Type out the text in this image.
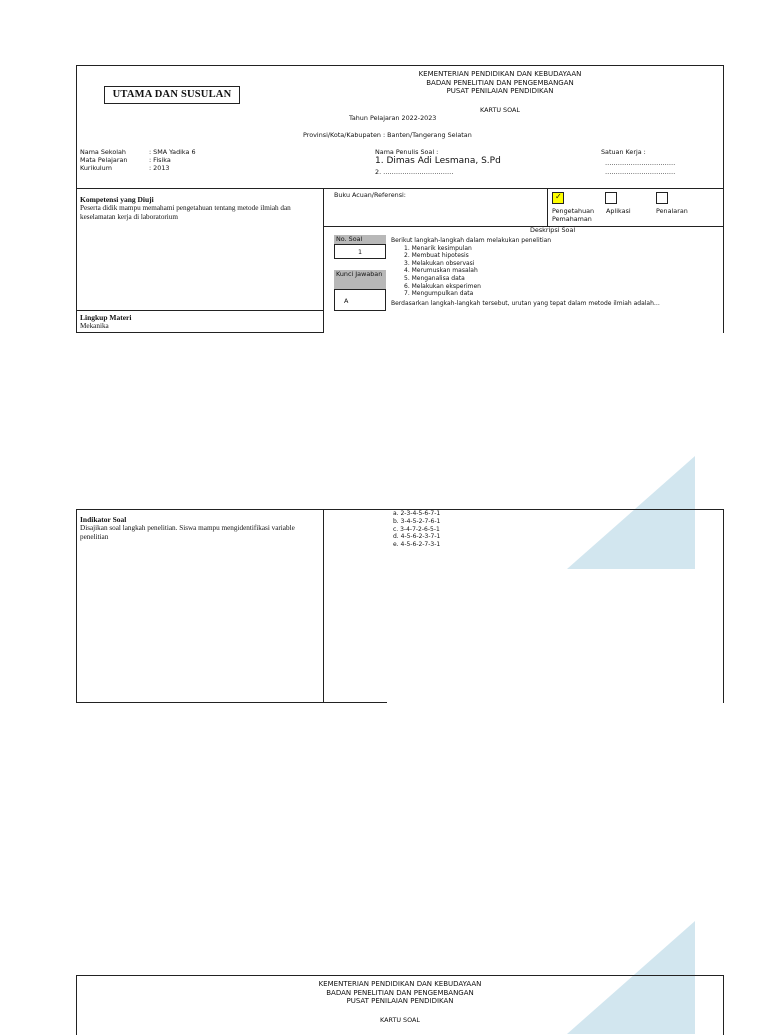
UTAMA DAN SUSULAN
KEMENTERIAN PENDIDIKAN DAN KEBUDAYAAN
BADAN PENELITIAN DAN PENGEMBANGAN
PUSAT PENILAIAN PENDIDIKAN
KARTU SOAL
Tahun Pelajaran 2022-2023
Provinsi/Kota/Kabupaten : Banten/Tangerang Selatan
Nama Sekolah
Mata Pelajaran
Kurikulum
: SMA Yadika 6
: Fisika
: 2013
Nama Penulis Soal :
1. Dimas Adi Lesmana, S.Pd
2. ……………………………
Satuan Kerja :
……………………………
……………………………
Kompetensi yang Diuji
Peserta didik mampu memahami pengetahuan tentang metode ilmiah dan keselamatan kerja di laboratorium
Lingkup Materi
Mekanika
Buku Acuan/Referensi:	✓
Pengetahuan Pemahaman
Aplikasi	Penalaran
Deskripsi Soal
No. Soal
1
Kunci Jawaban
A
Berikut langkah-langkah dalam melakukan penelitian
1. Menarik kesimpulan
2. Membuat hipotesis
3. Melakukan observasi
4. Merumuskan masalah
5. Menganalisa data
6. Melakukan eksperimen
7. Mengumpulkan data
Berdasarkan langkah-langkah tersebut, urutan yang tepat dalam metode ilmiah adalah…
Indikator Soal
Disajikan soal langkah penelitian. Siswa mampu mengidentifikasi variable penelitian
a. 2-3-4-5-6-7-1
b. 3-4-5-2-7-6-1
c. 3-4-7-2-6-5-1
d. 4-5-6-2-3-7-1
e. 4-5-6-2-7-3-1
KEMENTERIAN PENDIDIKAN DAN KEBUDAYAAN
BADAN PENELITIAN DAN PENGEMBANGAN
PUSAT PENILAIAN PENDIDIKAN
KARTU SOAL
